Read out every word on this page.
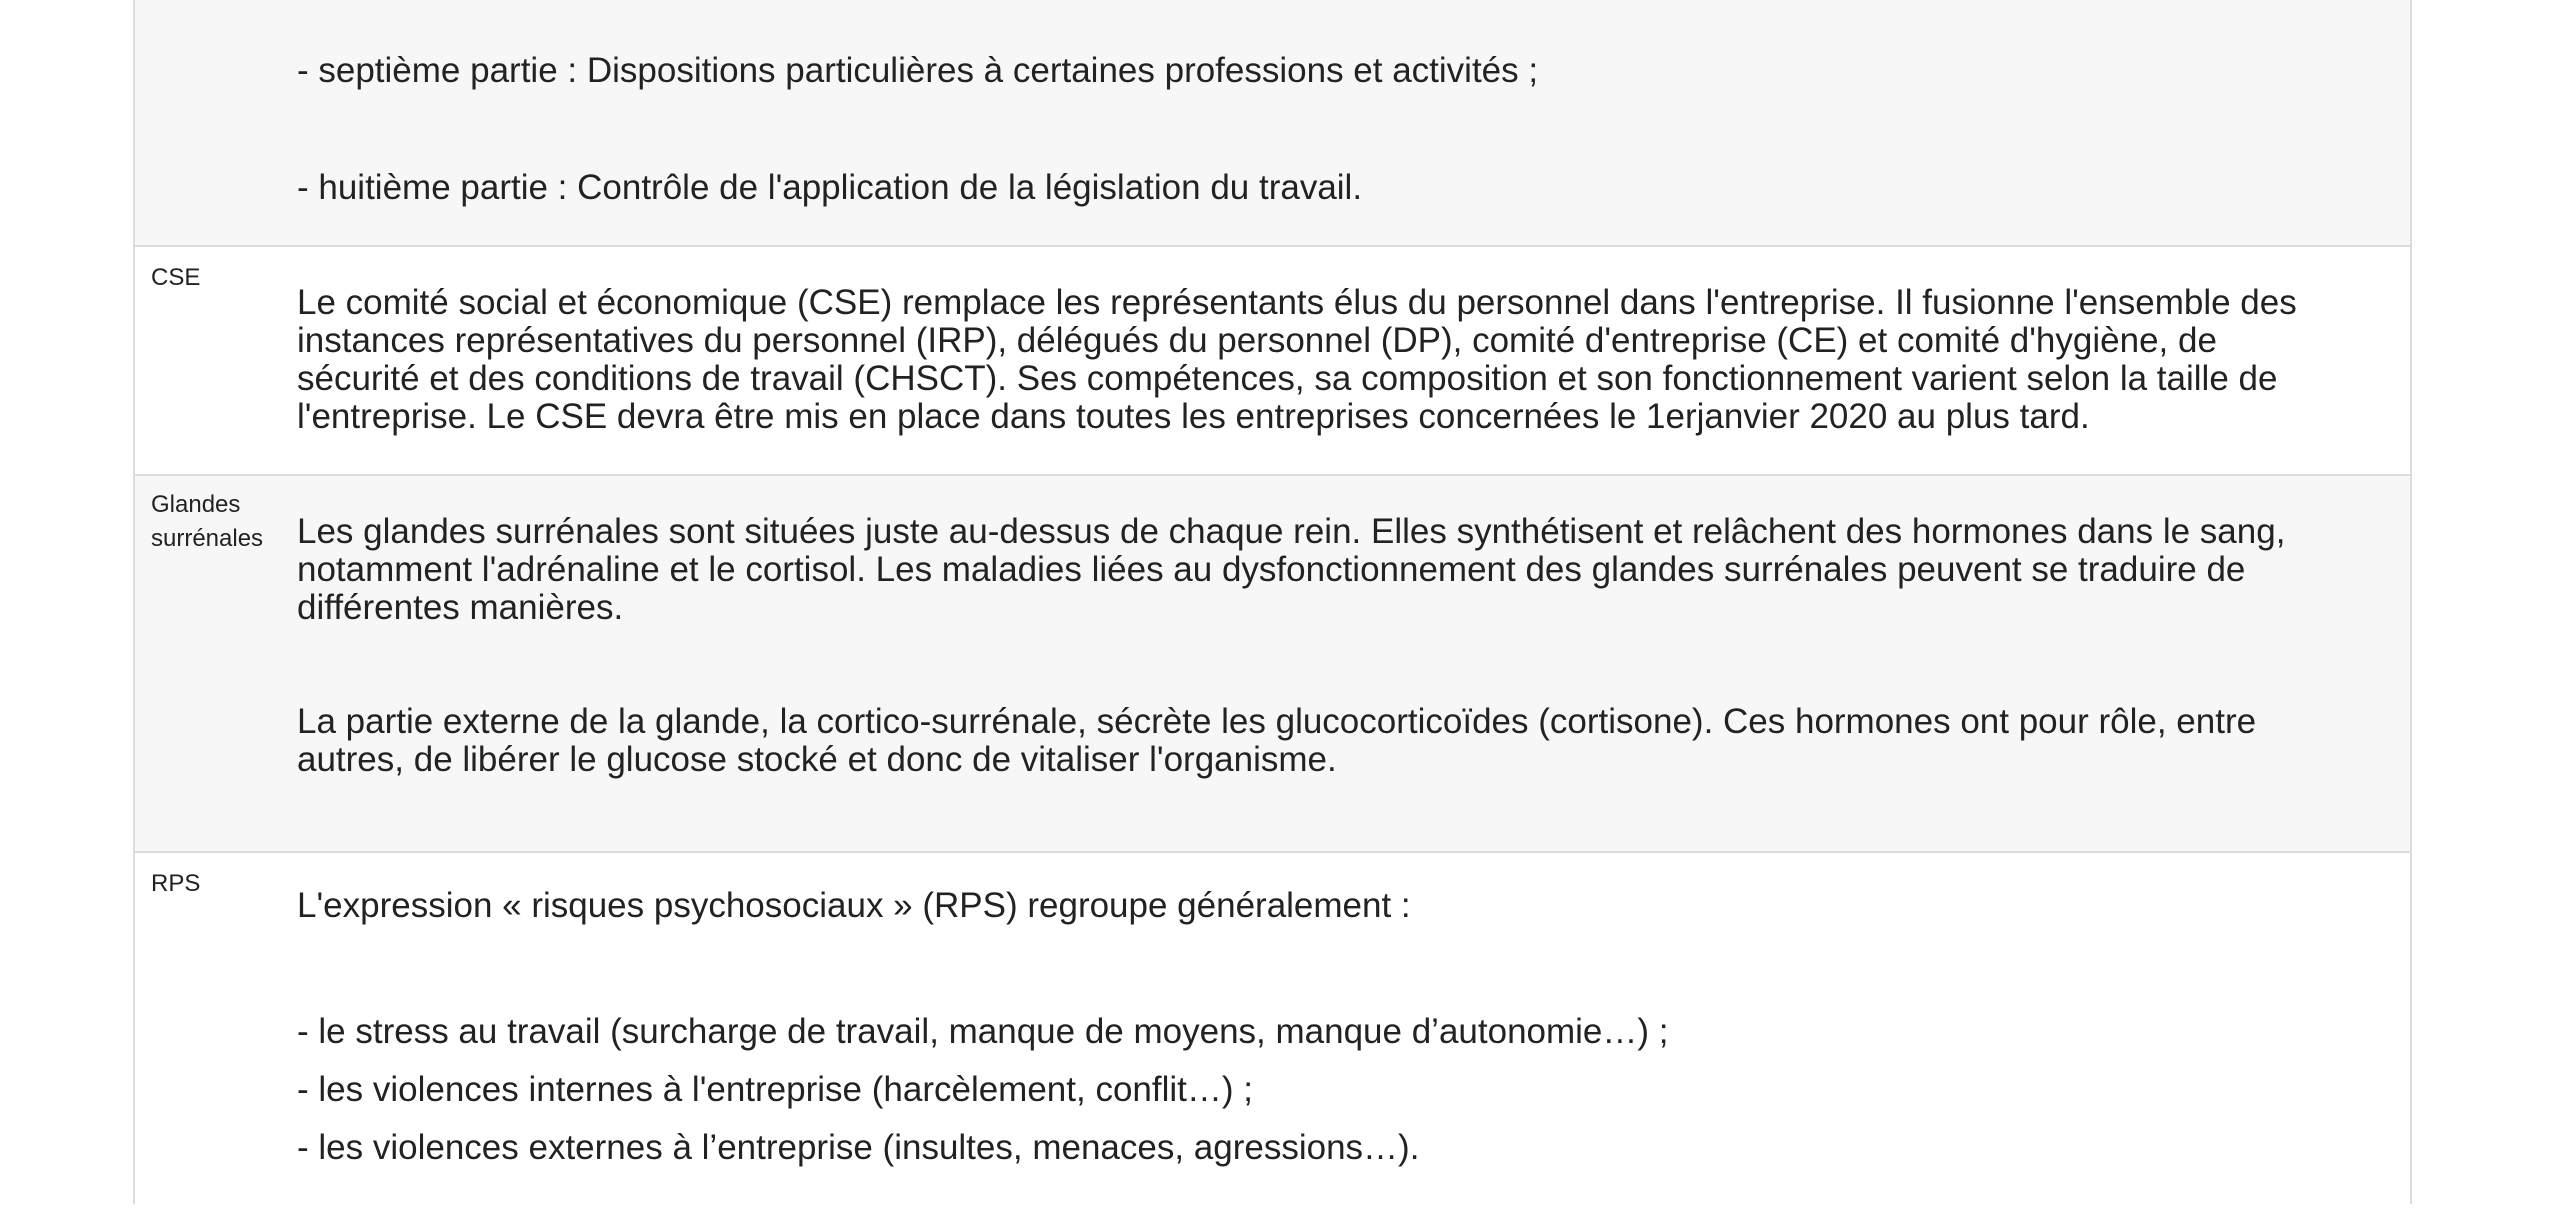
- septième partie : Dispositions particulières à certaines professions et activités ;

- huitième partie : Contrôle de l'application de la législation du travail.

CSE
Le comité social et économique (CSE) remplace les représentants élus du personnel dans l'entreprise. Il fusionne l'ensemble des
instances représentatives du personnel (IRP), délégués du personnel (DP), comité d'entreprise (CE) et comité d'hygiène, de
sécurité et des conditions de travail (CHSCT). Ses compétences, sa composition et son fonctionnement varient selon la taille de
l'entreprise. Le CSE devra être mis en place dans toutes les entreprises concernées le 1erjanvier 2020 au plus tard.
Glandes
surrénales Les glandes surrénales sont situées juste au-dessus de chaque rein. Elles synthétisent et relâchent des hormones dans le sang,
notamment l'adrénaline et le cortisol. Les maladies liées au dysfonctionnement des glandes surrénales peuvent se traduire de
différentes manières.
La partie externe de la glande, la cortico-surrénale, sécrète les glucocorticoïdes (cortisone). Ces hormones ont pour rôle, entre
autres, de libérer le glucose stocké et donc de vitaliser l'organisme.
RPS

L'expression « risques psychosociaux » (RPS) regroupe généralement :

- le stress au travail (surcharge de travail, manque de moyens, manque d’autonomie…) ;
- les violences internes à l'entreprise (harcèlement, conflit…) ;
- les violences externes à l’entreprise (insultes, menaces, agressions…).
